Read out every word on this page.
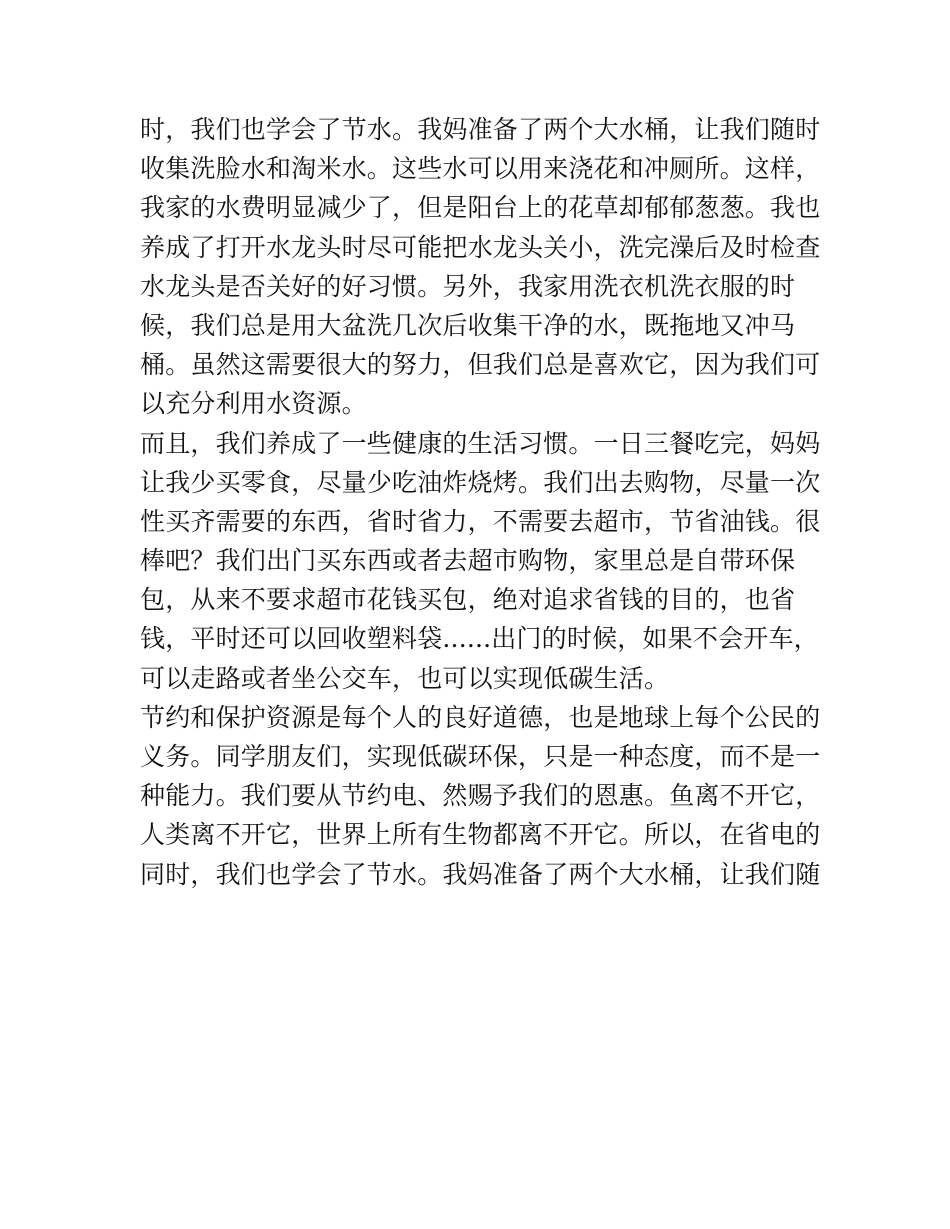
时，我们也学会了节水。我妈准备了两个大水桶，让我们随时
收集洗脸水和淘米水。这些水可以用来浇花和冲厕所。这样，
我家的水费明显减少了，但是阳台上的花草却郁郁葱葱。我也
养成了打开水龙头时尽可能把水龙头关小，洗完澡后及时检查
水龙头是否关好的好习惯。另外，我家用洗衣机洗衣服的时
候，我们总是用大盆洗几次后收集干净的水，既拖地又冲马
桶。虽然这需要很大的努力，但我们总是喜欢它，因为我们可
以充分利用水资源。
而且，我们养成了一些健康的生活习惯。一日三餐吃完，妈妈
让我少买零食，尽量少吃油炸烧烤。我们出去购物，尽量一次
性买齐需要的东西，省时省力，不需要去超市，节省油钱。很
棒吧？我们出门买东西或者去超市购物，家里总是自带环保
包，从来不要求超市花钱买包，绝对追求省钱的目的，也省
钱，平时还可以回收塑料袋......出门的时候，如果不会开车，
可以走路或者坐公交车，也可以实现低碳生活。
节约和保护资源是每个人的良好道德，也是地球上每个公民的
义务。同学朋友们，实现低碳环保，只是一种态度，而不是一
种能力。我们要从节约电、然赐予我们的恩惠。鱼离不开它，
人类离不开它，世界上所有生物都离不开它。所以，在省电的
同时，我们也学会了节水。我妈准备了两个大水桶，让我们随
